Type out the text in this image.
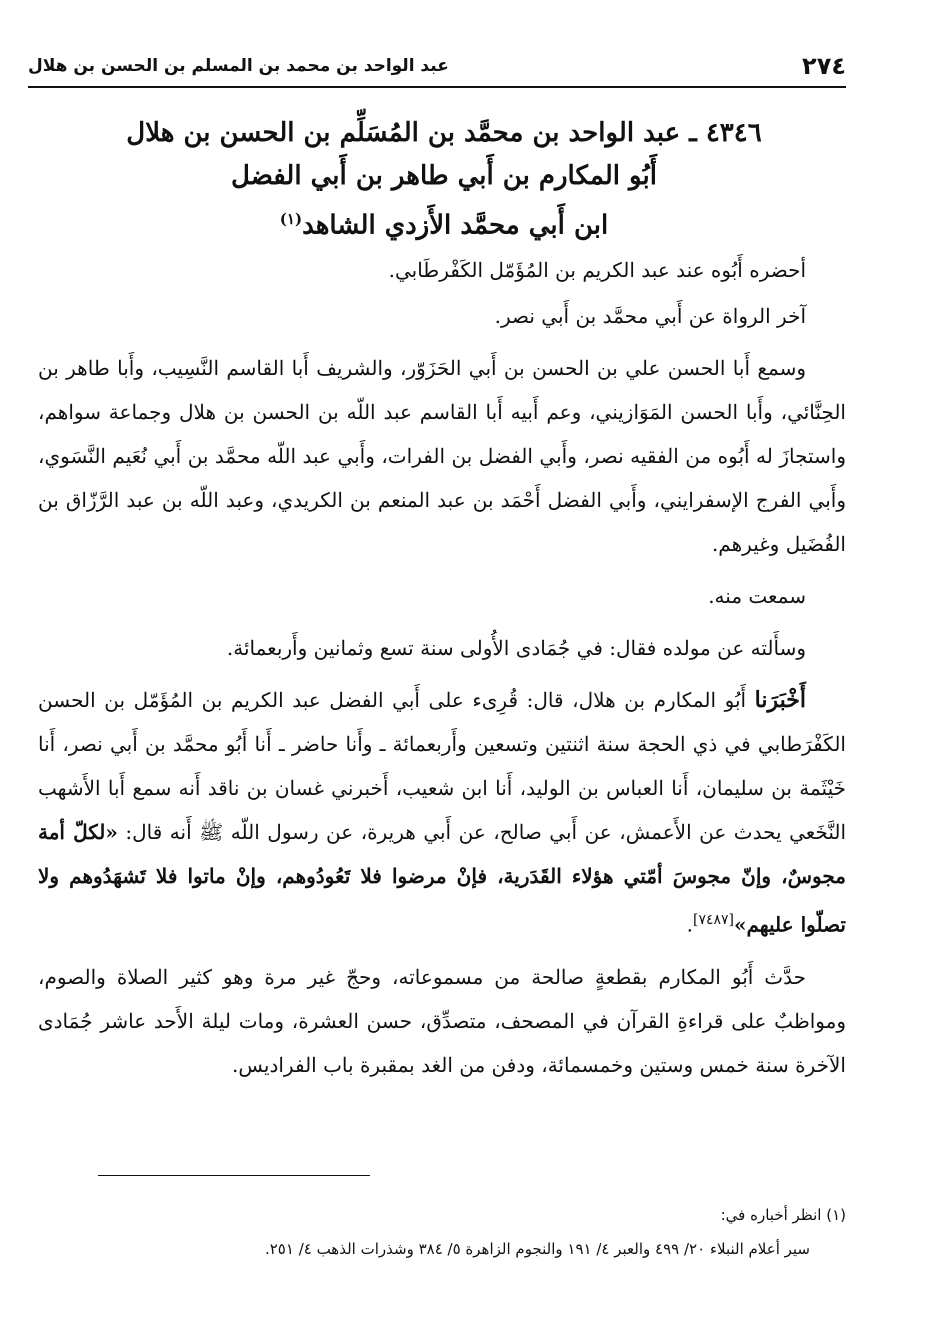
٢٧٤
عبد الواحد بن محمد بن المسلم بن الحسن بن هلال
٤٣٤٦ ـ عبد الواحد بن محمَّد بن المُسَلِّم بن الحسن بن هلال
أَبُو المكارم بن أَبي طاهر بن أَبي الفضل
ابن أَبي محمَّد الأَزدي الشاهد$^{(١)}$

أحضره أَبُوه عند عبد الكريم بن المُؤَمّل الكَفْرطَابي.

آخر الرواة عن أَبي محمَّد بن أَبي نصر.

وسمع أَبا الحسن علي بن الحسن بن أَبي الحَزَوّر، والشريف أَبا القاسم النَّسِيب، وأَبا طاهر بن الحِنَّائي، وأَبا الحسن المَوَازيني، وعم أَبيه أَبا القاسم عبد اللّه بن الحسن بن هلال وجماعة سواهم، واستجازَ له أَبُوه من الفقيه نصر، وأَبي الفضل بن الفرات، وأَبي عبد اللّه محمَّد بن أَبي نُعَيم النَّسَوي، وأَبي الفرج الإسفرايني، وأَبي الفضل أَحْمَد بن عبد المنعم بن الكريدي، وعبد اللّه بن عبد الرَّزّاق بن الفُضَيل وغيرهم.

سمعت منه.

وسأَلته عن مولده فقال: في جُمَادى الأُولى سنة تسع وثمانين وأَربعمائة.

أَخْبَرَنا أَبُو المكارم بن هلال، قال: قُرِىء على أَبي الفضل عبد الكريم بن المُؤَمّل بن الحسن الكَفْرَطابي في ذي الحجة سنة اثنتين وتسعين وأَربعمائة ـ وأَنا حاضر ـ أَنا أَبُو محمَّد بن أَبي نصر، أَنا خَيْثَمة بن سليمان، أَنا العباس بن الوليد، أَنا ابن شعيب، أَخبرني غسان بن ناقد أَنه سمع أَبا الأَشهب النَّخَعي يحدث عن الأَعمش، عن أَبي صالح، عن أَبي هريرة، عن رسول اللّه ﷺ أَنه قال: «لكلّ أمة مجوسٌ، وإنّ مجوسَ أمّتي هؤلاء القَدَرية، فإنْ مرضوا فلا تَعُودُوهم، وإنْ ماتوا فلا تَشهَدُوهم ولا تصلّوا عليهم»[٧٤٨٧].

حدَّث أَبُو المكارم بقطعةٍ صالحة من مسموعاته، وحجّ غير مرة وهو كثير الصلاة والصوم، ومواظبٌ على قراءةِ القرآن في المصحف، متصدِّق، حسن العشرة، ومات ليلة الأَحد عاشر جُمَادى الآخرة سنة خمس وستين وخمسمائة، ودفن من الغد بمقبرة باب الفراديس.

(١) انظر أخباره في:
سير أعلام النبلاء ٢٠/ ٤٩٩ والعبر ٤/ ١٩١ والنجوم الزاهرة ٥/ ٣٨٤ وشذرات الذهب ٤/ ٢٥١.
